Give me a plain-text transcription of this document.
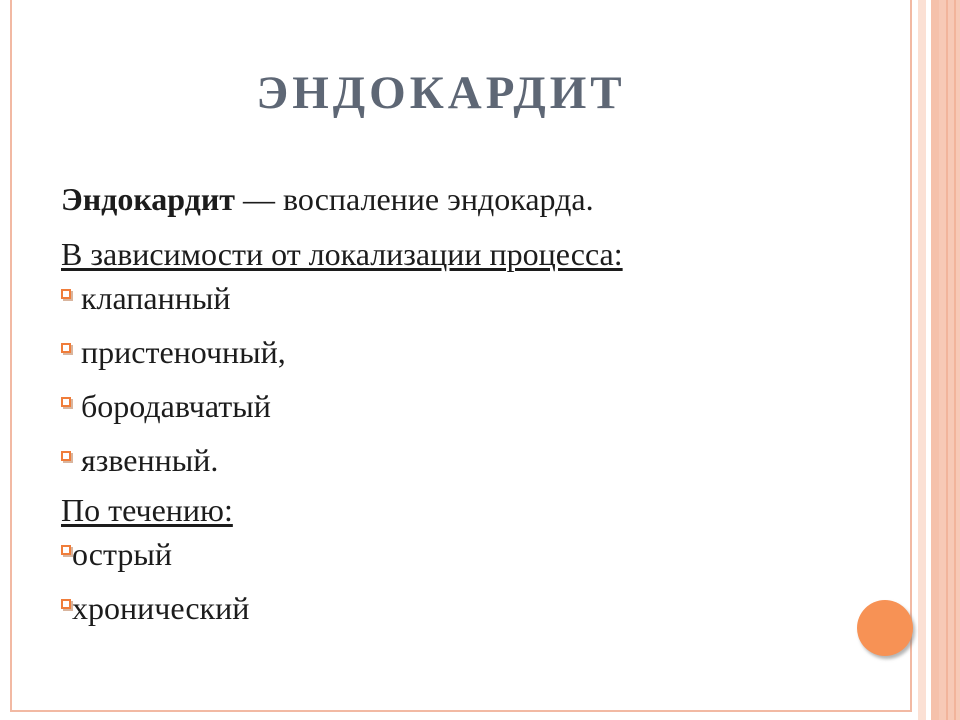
ЭНДОКАРДИТ

Эндокардит — воспаление эндокарда.

В зависимости от локализации процесса:

клапанный
пристеночный,
бородавчатый
язвенный.

По течению:

острый
хронический
